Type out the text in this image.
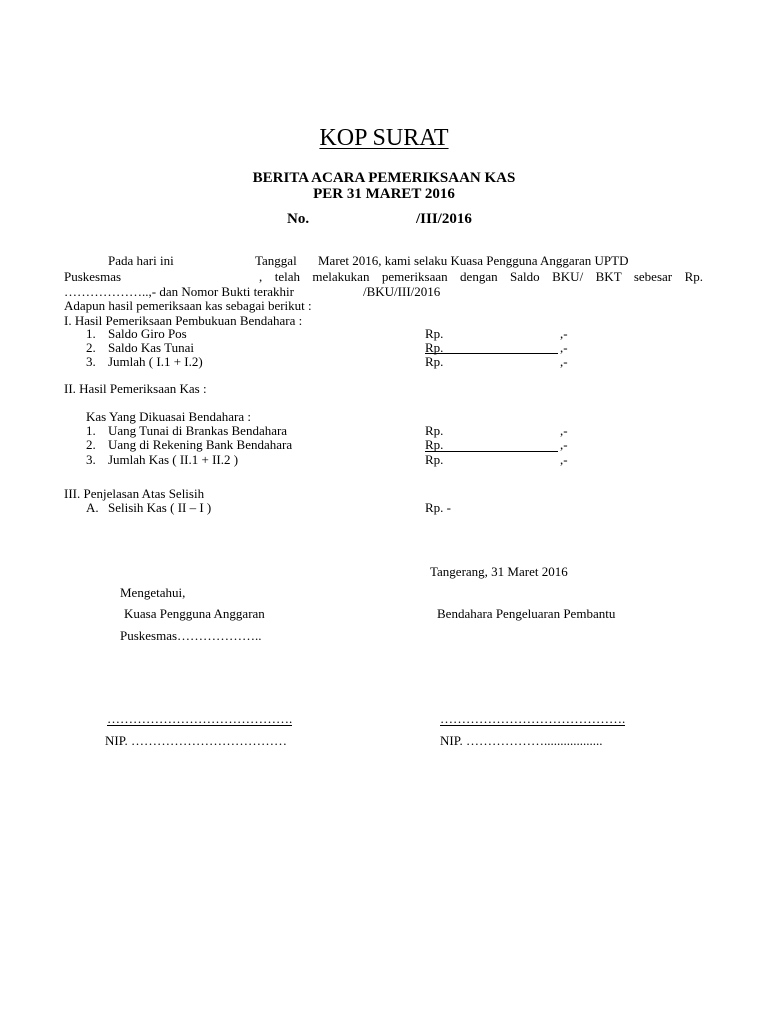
KOP SURAT
BERITA ACARA PEMERIKSAAN KAS
PER 31 MARET 2016
No.	/III/2016
Pada hari ini	Tanggal Maret 2016, kami selaku Kuasa Pengguna Anggaran UPTD
Puskesmas	, telah melakukan pemeriksaan dengan Saldo BKU/ BKT sebesar Rp.
………………..,- dan Nomor Bukti terakhir	/BKU/III/2016
Adapun hasil pemeriksaan kas sebagai berikut :
I. Hasil Pemeriksaan Pembukuan Bendahara :
1. Saldo Giro Pos	Rp.	,-
2. Saldo Kas Tunai	Rp.	,-
3. Jumlah ( I.1 + I.2)	Rp.	,-
II. Hasil Pemeriksaan Kas :
Kas Yang Dikuasai Bendahara :
1. Uang Tunai di Brankas Bendahara	Rp.	,-
2. Uang di Rekening Bank Bendahara	Rp.	,-
3. Jumlah Kas ( II.1 + II.2 )	Rp.	,-
III. Penjelasan Atas Selisih
A. Selisih Kas ( II – I )	Rp. -
Tangerang, 31 Maret 2016
Mengetahui,
Kuasa Pengguna Anggaran	Bendahara Pengeluaran Pembantu
Puskesmas………………..
…………………………………….	…………………………………….
NIP. ………………………………	NIP. ………………..................
